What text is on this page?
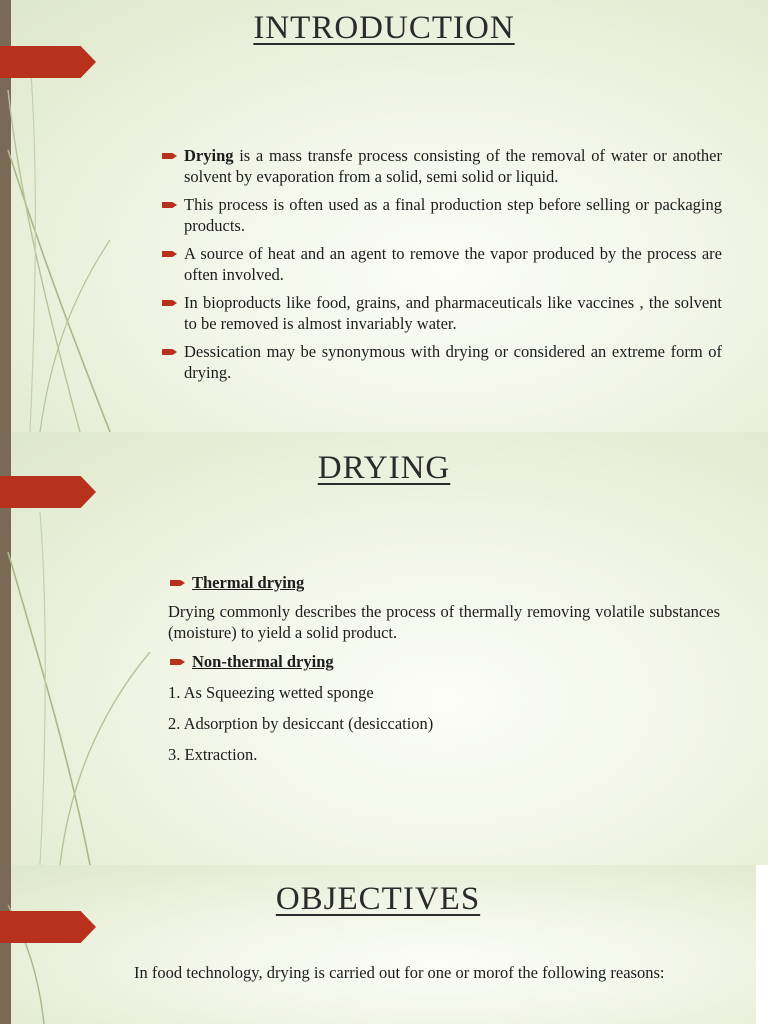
INTRODUCTION
Drying is a mass transfe process consisting of the removal of water or another solvent by evaporation from a solid, semi solid or liquid.
This process is often used as a final production step before selling or packaging products.
A source of heat and an agent to remove the vapor produced by the process are often involved.
In bioproducts like food, grains, and pharmaceuticals like vaccines , the solvent to be removed is almost invariably water.
Dessication may be synonymous with drying or considered an extreme form of drying.
DRYING
Thermal drying

Drying commonly describes the process of thermally removing volatile substances (moisture) to yield a solid product.

Non-thermal drying

1. As Squeezing wetted sponge

2. Adsorption by desiccant (desiccation)

3. Extraction.

OBJECTIVES

In food technology, drying is carried out for one or morof the following reasons:
